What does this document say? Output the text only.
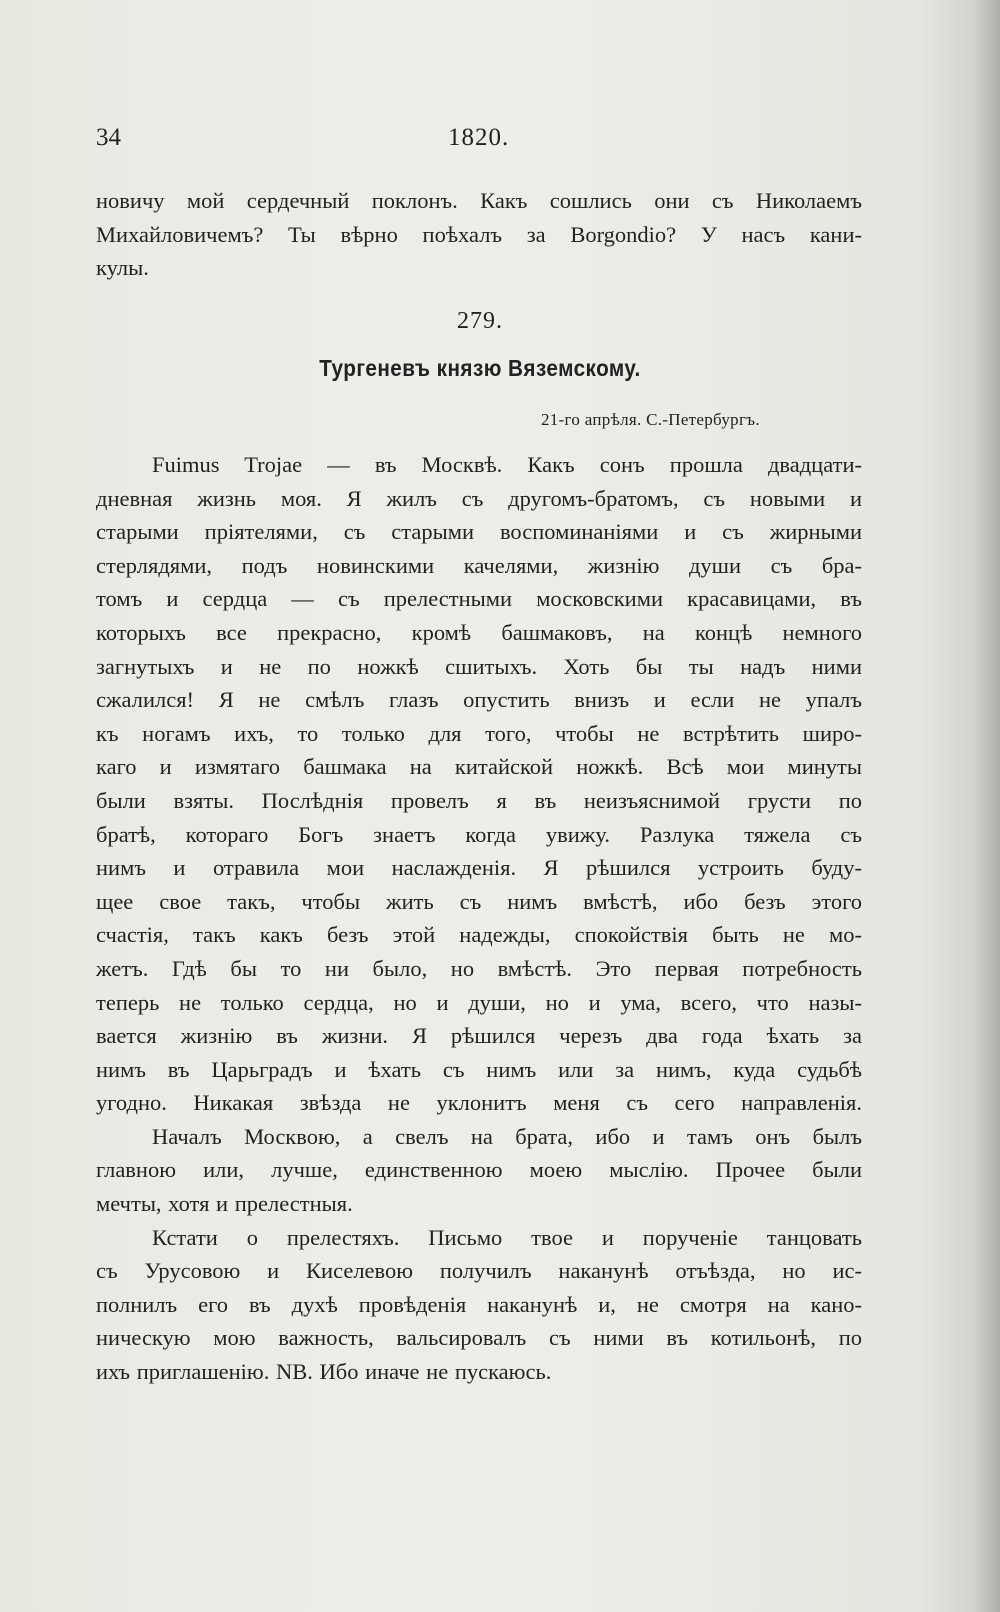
34	1820.
новичу мой сердечный поклонъ. Какъ сошлись они съ Николаемъ
Михайловичемъ? Ты вѣрно поѣхалъ за Borgondio? У насъ кани-
кулы.
279.
Тургеневъ князю Вяземскому.
21-го апрѣля. С.-Петербургъ.
Fuimus Trojae — въ Москвѣ. Какъ сонъ прошла двадцати-
дневная жизнь моя. Я жилъ съ другомъ-братомъ, съ новыми и
старыми пріятелями, съ старыми воспоминаніями и съ жирными
стерлядями, подъ новинскими качелями, жизнію души съ бра-
томъ и сердца — съ прелестными московскими красавицами, въ
которыхъ все прекрасно, кромѣ башмаковъ, на концѣ немного
загнутыхъ и не по ножкѣ сшитыхъ. Хоть бы ты надъ ними
сжалился! Я не смѣлъ глазъ опустить внизъ и если не упалъ
къ ногамъ ихъ, то только для того, чтобы не встрѣтить широ-
каго и измятаго башмака на китайской ножкѣ. Всѣ мои минуты
были взяты. Послѣднія провелъ я въ неизъяснимой грусти по
братѣ, котораго Богъ знаетъ когда увижу. Разлука тяжела съ
нимъ и отравила мои наслажденія. Я рѣшился устроить буду-
щее свое такъ, чтобы жить съ нимъ вмѣстѣ, ибо безъ этого
счастія, такъ какъ безъ этой надежды, спокойствія быть не мо-
жетъ. Гдѣ бы то ни было, но вмѣстѣ. Это первая потребность
теперь не только сердца, но и души, но и ума, всего, что назы-
вается жизнію въ жизни. Я рѣшился черезъ два года ѣхать за
нимъ въ Царьградъ и ѣхать съ нимъ или за нимъ, куда судьбѣ
угодно. Никакая звѣзда не уклонитъ меня съ сего направленія.
Началъ Москвою, а свелъ на брата, ибо и тамъ онъ былъ
главною или, лучше, единственною моею мыслію. Прочее были
мечты, хотя и прелестныя.
Кстати о прелестяхъ. Письмо твое и порученіе танцовать
съ Урусовою и Киселевою получилъ наканунѣ отъѣзда, но ис-
полнилъ его въ духѣ провѣденія наканунѣ и, не смотря на кано-
ническую мою важность, вальсировалъ съ ними въ котильонѣ, по
ихъ приглашенію. NB. Ибо иначе не пускаюсь.
